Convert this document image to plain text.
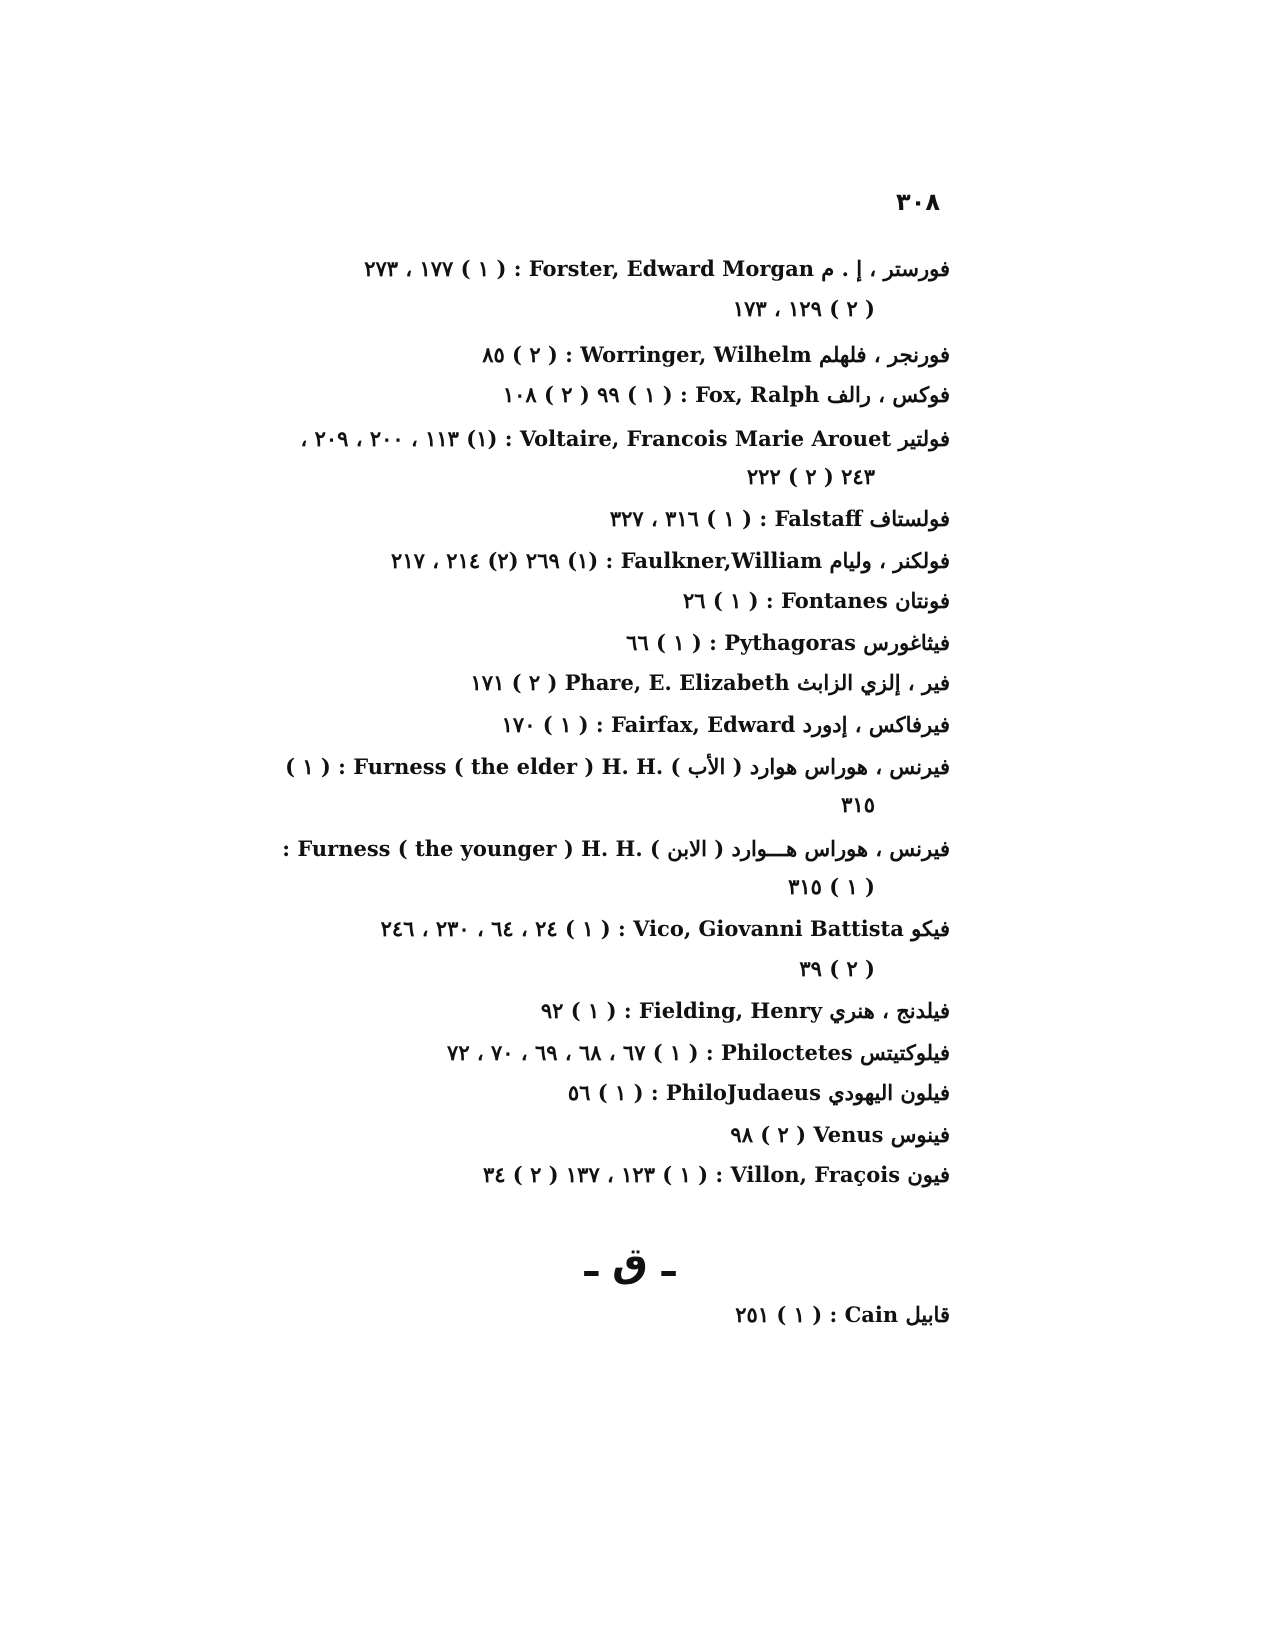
٣٠٨
فورستر ، إ . م Forster, Edward Morgan : ( ١ ) ١٧٧ ، ٢٧٣
( ٢ ) ١٢٩ ، ١٧٣
فورنجر ، فلهلم Worringer, Wilhelm : ( ٢ ) ٨٥
فوكس ، رالف Fox, Ralph : ( ١ ) ٩٩ ( ٢ ) ١٠٨
فولتير Voltaire, Francois Marie Arouet : (١) ١١٣ ، ٢٠٠ ، ٢٠٩ ،
٢٤٣ ( ٢ ) ٢٢٢
فولستاف Falstaff : ( ١ ) ٣١٦ ، ٣٢٧
فولكنر ، وليام Faulkner,William : (١) ٢٦٩ (٢) ٢١٤ ، ٢١٧
فونتان Fontanes : ( ١ ) ٢٦
فيثاغورس Pythagoras : ( ١ ) ٦٦
فير ، إلزي الزابث Phare, E. Elizabeth ( ٢ ) ١٧١
فيرفاكس ، إدورد Fairfax, Edward : ( ١ ) ١٧٠
فيرنس ، هوراس هوارد ( الأب ) Furness ( the elder ) H. H. : ( ١ )
٣١٥
فيرنس ، هوراس هـــوارد ( الابن ) Furness ( the younger ) H. H. :
( ١ ) ٣١٥
فيكو Vico, Giovanni Battista : ( ١ ) ٢٤ ، ٦٤ ، ٢٣٠ ، ٢٤٦
( ٢ ) ٣٩
فيلدنج ، هنري Fielding, Henry : ( ١ ) ٩٢
فيلوكتيتس Philoctetes : ( ١ ) ٦٧ ، ٦٨ ، ٦٩ ، ٧٠ ، ٧٢
فيلون اليهودي PhiloJudaeus : ( ١ ) ٥٦
فينوس Venus ( ٢ ) ٩٨
فيون Villon, Fraçois : ( ١ ) ١٢٣ ، ١٣٧ ( ٢ ) ٣٤
ـ ق ـ
قابيل Cain : ( ١ ) ٢٥١
